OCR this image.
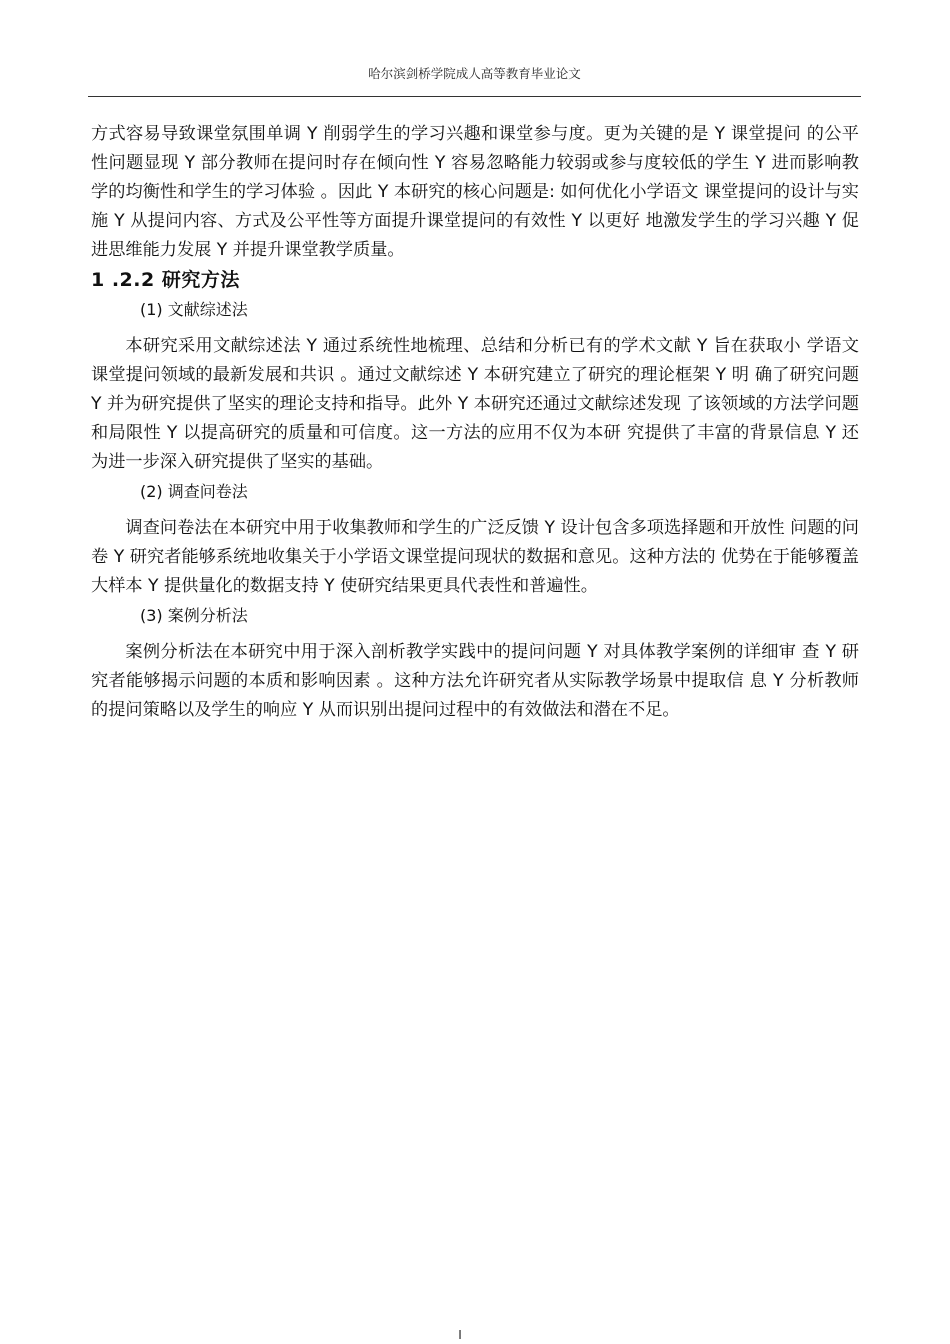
哈尔滨剑桥学院成人高等教育毕业论文

方式容易导致课堂氛围单调 Y 削弱学生的学习兴趣和课堂参与度。更为关键的是 Y 课堂提问 的公平性问题显现 Y 部分教师在提问时存在倾向性 Y 容易忽略能力较弱或参与度较低的学生 Y 进而影响教学的均衡性和学生的学习体验 。因此 Y 本研究的核心问题是: 如何优化小学语文 课堂提问的设计与实施 Y 从提问内容、方式及公平性等方面提升课堂提问的有效性 Y 以更好 地激发学生的学习兴趣 Y 促进思维能力发展 Y 并提升课堂教学质量。

1 .2.2 研究方法
(1) 文献综述法

本研究采用文献综述法 Y 通过系统性地梳理、总结和分析已有的学术文献 Y 旨在获取小 学语文课堂提问领域的最新发展和共识 。通过文献综述 Y 本研究建立了研究的理论框架 Y 明 确了研究问题 Y 并为研究提供了坚实的理论支持和指导。此外 Y 本研究还通过文献综述发现 了该领域的方法学问题和局限性 Y 以提高研究的质量和可信度。这一方法的应用不仅为本研 究提供了丰富的背景信息 Y 还为进一步深入研究提供了坚实的基础。

(2) 调查问卷法

调查问卷法在本研究中用于收集教师和学生的广泛反馈 Y 设计包含多项选择题和开放性 问题的问卷 Y 研究者能够系统地收集关于小学语文课堂提问现状的数据和意见。这种方法的 优势在于能够覆盖大样本 Y 提供量化的数据支持 Y 使研究结果更具代表性和普遍性。

(3) 案例分析法

案例分析法在本研究中用于深入剖析教学实践中的提问问题 Y 对具体教学案例的详细审 查 Y 研究者能够揭示问题的本质和影响因素 。这种方法允许研究者从实际教学场景中提取信 息 Y 分析教师的提问策略以及学生的响应 Y 从而识别出提问过程中的有效做法和潜在不足。

I
